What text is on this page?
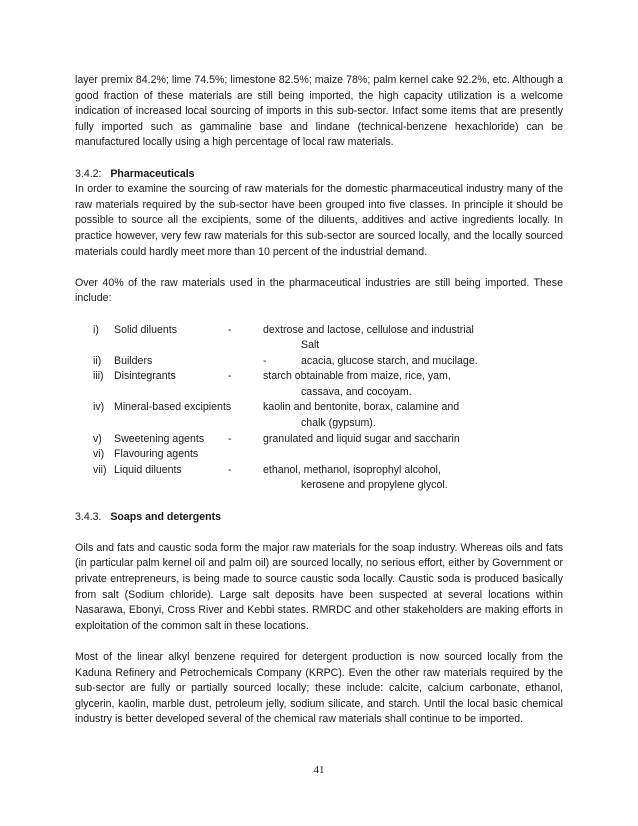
layer premix 84.2%; lime 74.5%; limestone 82.5%; maize 78%; palm kernel cake 92.2%, etc. Although a good fraction of these materials are still being imported, the high capacity utilization is a welcome indication of increased local sourcing of imports in this sub-sector. Infact some items that are presently fully imported such as gammaline base and lindane (technical-benzene hexachloride) can be manufactured locally using a high percentage of local raw materials.

3.4.2: Pharmaceuticals

In order to examine the sourcing of raw materials for the domestic pharmaceutical industry many of the raw materials required by the sub-sector have been grouped into five classes. In principle it should be possible to source all the excipients, some of the diluents, additives and active ingredients locally. In practice however, very few raw materials for this sub-sector are sourced locally, and the locally sourced materials could hardly meet more than 10 percent of the industrial demand.

Over 40% of the raw materials used in the pharmaceutical industries are still being imported. These include:

i)	Solid diluents	-	dextrose and lactose, cellulose and industrial
Salt
ii)	Builders	-	acacia, glucose starch, and mucilage.
iii) Disintegrants	-	starch obtainable from maize, rice, yam,
cassava, and cocoyam.
iv) Mineral-based excipients	kaolin and bentonite, borax, calamine and
chalk (gypsum).
v)	Sweetening agents -	granulated and liquid sugar and saccharin
vi) Flavouring agents
vii) Liquid diluents	-	ethanol, methanol, isoprophyl alcohol,
kerosene and propylene glycol.
3.4.3. Soaps and detergents

Oils and fats and caustic soda form the major raw materials for the soap industry. Whereas oils and fats (in particular palm kernel oil and palm oil) are sourced locally, no serious effort, either by Government or private entrepreneurs, is being made to source caustic soda locally. Caustic soda is produced basically from salt (Sodium chloride). Large salt deposits have been suspected at several locations within Nasarawa, Ebonyi, Cross River and Kebbi states. RMRDC and other stakeholders are making efforts in exploitation of the common salt in these locations.

Most of the linear alkyl benzene required for detergent production is now sourced locally from the Kaduna Refinery and Petrochemicals Company (KRPC). Even the other raw materials required by the sub-sector are fully or partially sourced locally; these include: calcite, calcium carbonate, ethanol, glycerin, kaolin, marble dust, petroleum jelly, sodium silicate, and starch. Until the local basic chemical industry is better developed several of the chemical raw materials shall continue to be imported.

41
